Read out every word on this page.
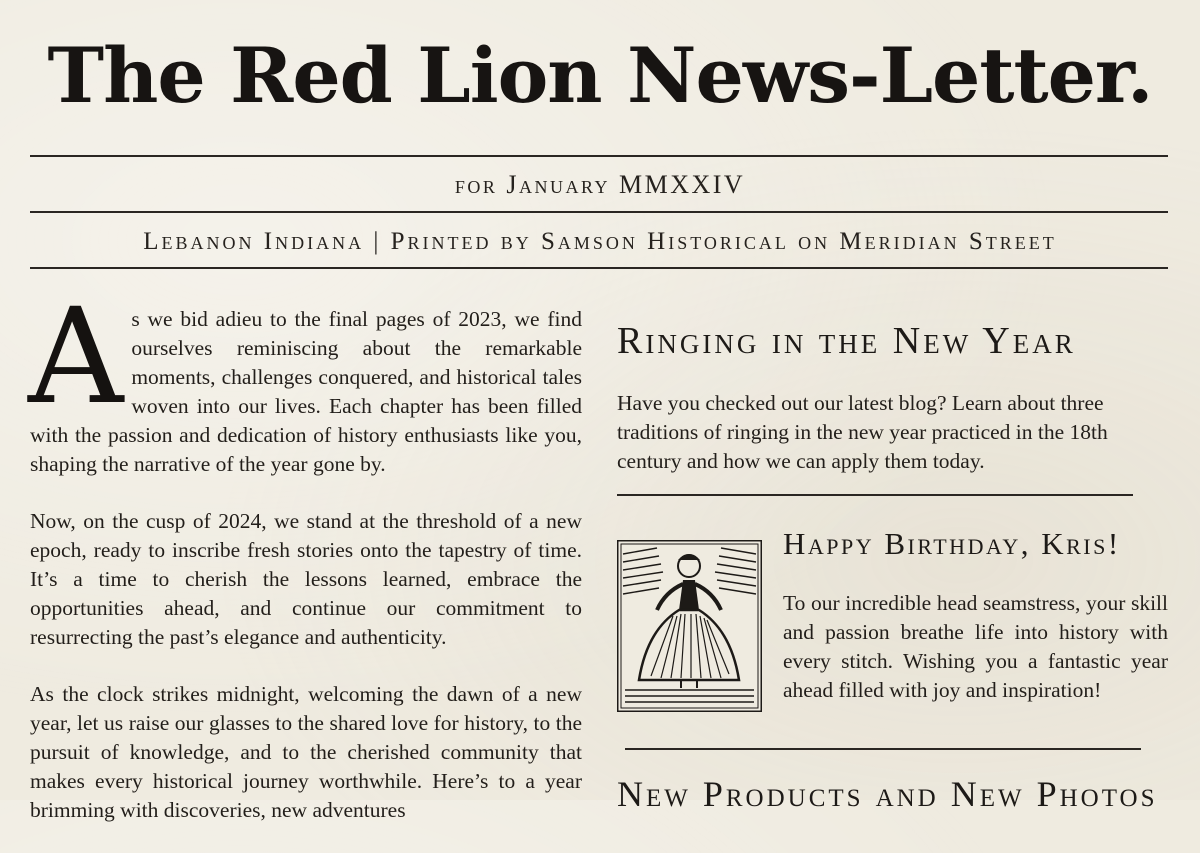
The Red Lion News-Letter.
for January MMXXIV
Lebanon Indiana | Printed by Samson Historical on Meridian Street

As we bid adieu to the final pages of 2023, we find ourselves reminiscing about the remarkable moments, challenges conquered, and historical tales woven into our lives. Each chapter has been filled with the passion and dedication of history enthusiasts like you, shaping the narrative of the year gone by.

Now, on the cusp of 2024, we stand at the threshold of a new epoch, ready to inscribe fresh stories onto the tapestry of time. It’s a time to cherish the lessons learned, embrace the opportunities ahead, and continue our commitment to resurrecting the past’s elegance and authenticity.

As the clock strikes midnight, welcoming the dawn of a new year, let us raise our glasses to the shared love for history, to the pursuit of knowledge, and to the cherished community that makes every historical journey worthwhile. Here’s to a year brimming with discoveries, new adventures

Ringing in the New Year
Have you checked out our latest blog? Learn about three traditions of ringing in the new year practiced in the 18th century and how we can apply them today.
Happy Birthday, Kris!
To our incredible head seamstress, your skill and passion breathe life into history with every stitch. Wishing you a fantastic year ahead filled with joy and inspiration!
New Products and New Photos
